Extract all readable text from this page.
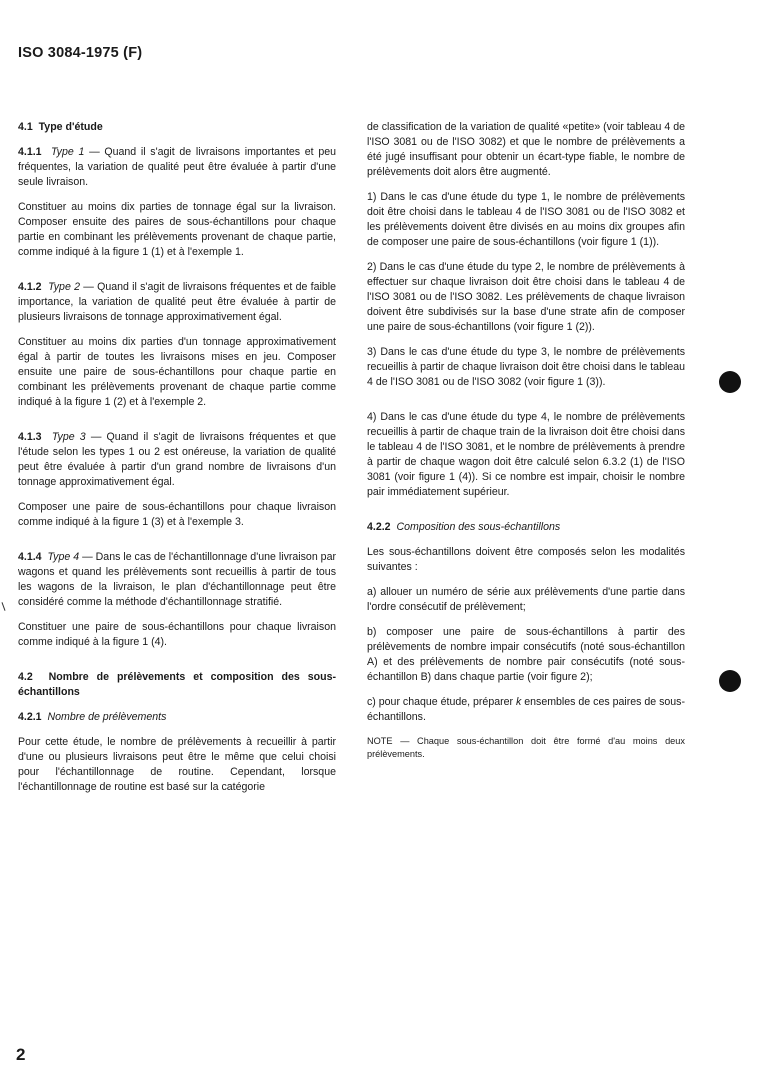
ISO 3084-1975 (F)
4.1 Type d'étude

4.1.1 Type 1 — Quand il s'agit de livraisons importantes et peu fréquentes, la variation de qualité peut être évaluée à partir d'une seule livraison.

Constituer au moins dix parties de tonnage égal sur la livraison. Composer ensuite des paires de sous-échantillons pour chaque partie en combinant les prélèvements provenant de chaque partie, comme indiqué à la figure 1 (1) et à l'exemple 1.

4.1.2 Type 2 — Quand il s'agit de livraisons fréquentes et de faible importance, la variation de qualité peut être évaluée à partir de plusieurs livraisons de tonnage approximativement égal.

Constituer au moins dix parties d'un tonnage approximativement égal à partir de toutes les livraisons mises en jeu. Composer ensuite une paire de sous-échantillons pour chaque partie en combinant les prélèvements provenant de chaque partie comme indiqué à la figure 1 (2) et à l'exemple 2.

4.1.3 Type 3 — Quand il s'agit de livraisons fréquentes et que l'étude selon les types 1 ou 2 est onéreuse, la variation de qualité peut être évaluée à partir d'un grand nombre de livraisons d'un tonnage approximativement égal.

Composer une paire de sous-échantillons pour chaque livraison comme indiqué à la figure 1 (3) et à l'exemple 3.

4.1.4 Type 4 — Dans le cas de l'échantillonnage d'une livraison par wagons et quand les prélèvements sont recueillis à partir de tous les wagons de la livraison, le plan d'échantillonnage peut être considéré comme la méthode d'échantillonnage stratifié.

Constituer une paire de sous-échantillons pour chaque livraison comme indiqué à la figure 1 (4).

4.2 Nombre de prélèvements et composition des sous-échantillons

4.2.1 Nombre de prélèvements

Pour cette étude, le nombre de prélèvements à recueillir à partir d'une ou plusieurs livraisons peut être le même que celui choisi pour l'échantillonnage de routine. Cependant, lorsque l'échantillonnage de routine est basé sur la catégorie

de classification de la variation de qualité «petite» (voir tableau 4 de l'ISO 3081 ou de l'ISO 3082) et que le nombre de prélèvements a été jugé insuffisant pour obtenir un écart-type fiable, le nombre de prélèvements doit alors être augmenté.

1) Dans le cas d'une étude du type 1, le nombre de prélèvements doit être choisi dans le tableau 4 de l'ISO 3081 ou de l'ISO 3082 et les prélèvements doivent être divisés en au moins dix groupes afin de composer une paire de sous-échantillons (voir figure 1 (1)).

2) Dans le cas d'une étude du type 2, le nombre de prélèvements à effectuer sur chaque livraison doit être choisi dans le tableau 4 de l'ISO 3081 ou de l'ISO 3082. Les prélèvements de chaque livraison doivent être subdivisés sur la base d'une strate afin de composer une paire de sous-échantillons (voir figure 1 (2)).

3) Dans le cas d'une étude du type 3, le nombre de prélèvements recueillis à partir de chaque livraison doit être choisi dans le tableau 4 de l'ISO 3081 ou de l'ISO 3082 (voir figure 1 (3)).

4) Dans le cas d'une étude du type 4, le nombre de prélèvements recueillis à partir de chaque train de la livraison doit être choisi dans le tableau 4 de l'ISO 3081, et le nombre de prélèvements à prendre à partir de chaque wagon doit être calculé selon 6.3.2 (1) de l'ISO 3081 (voir figure 1 (4)). Si ce nombre est impair, choisir le nombre pair immédiatement supérieur.

4.2.2 Composition des sous-échantillons

Les sous-échantillons doivent être composés selon les modalités suivantes :

a) allouer un numéro de série aux prélèvements d'une partie dans l'ordre consécutif de prélèvement;

b) composer une paire de sous-échantillons à partir des prélèvements de nombre impair consécutifs (noté sous-échantillon A) et des prélèvements de nombre pair consécutifs (noté sous-échantillon B) dans chaque partie (voir figure 2);

c) pour chaque étude, préparer k ensembles de ces paires de sous-échantillons.

NOTE — Chaque sous-échantillon doit être formé d'au moins deux prélèvements.

2
